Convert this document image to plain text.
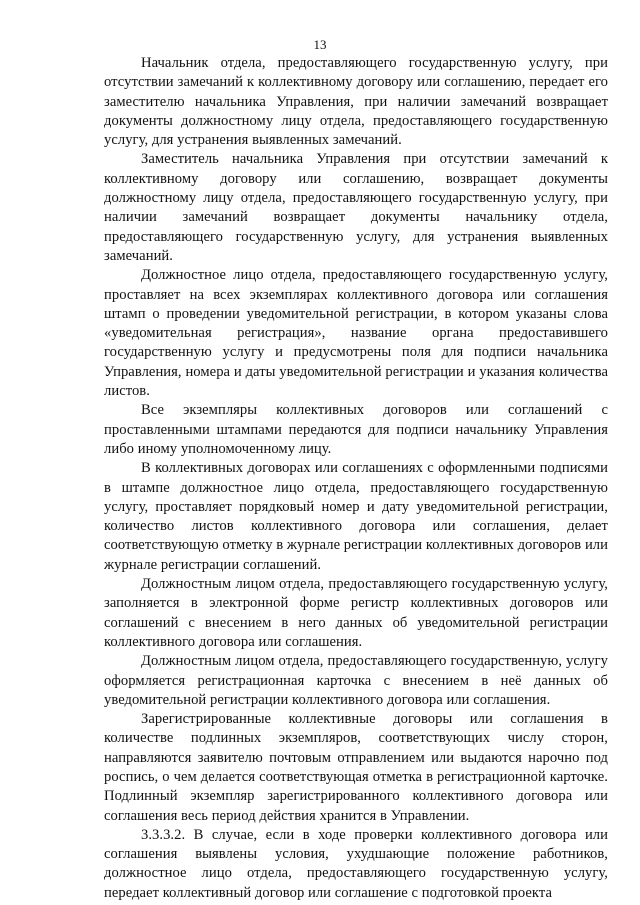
13

Начальник отдела, предоставляющего государственную услугу, при отсутствии замечаний к коллективному договору или соглашению, передает его заместителю начальника Управления, при наличии замечаний возвращает документы должностному лицу отдела, предоставляющего государственную услугу, для устранения выявленных замечаний.

Заместитель начальника Управления при отсутствии замечаний к коллективному договору или соглашению, возвращает документы должностному лицу отдела, предоставляющего государственную услугу, при наличии замечаний возвращает документы начальнику отдела, предоставляющего государственную услугу, для устранения выявленных замечаний.

Должностное лицо отдела, предоставляющего государственную услугу, проставляет на всех экземплярах коллективного договора или соглашения штамп о проведении уведомительной регистрации, в котором указаны слова «уведомительная регистрация», название органа предоставившего государственную услугу и предусмотрены поля для подписи начальника Управления, номера и даты уведомительной регистрации и указания количества листов.

Все экземпляры коллективных договоров или соглашений с проставленными штампами передаются для подписи начальнику Управления либо иному уполномоченному лицу.

В коллективных договорах или соглашениях с оформленными подписями в штампе должностное лицо отдела, предоставляющего государственную услугу, проставляет порядковый номер и дату уведомительной регистрации, количество листов коллективного договора или соглашения, делает соответствующую отметку в журнале регистрации коллективных договоров или журнале регистрации соглашений.

Должностным лицом отдела, предоставляющего государственную услугу, заполняется в электронной форме регистр коллективных договоров или соглашений с внесением в него данных об уведомительной регистрации коллективного договора или соглашения.

Должностным лицом отдела, предоставляющего государственную, услугу оформляется регистрационная карточка с внесением в неё данных об уведомительной регистрации коллективного договора или соглашения.

Зарегистрированные коллективные договоры или соглашения в количестве подлинных экземпляров, соответствующих числу сторон, направляются заявителю почтовым отправлением или выдаются нарочно под роспись, о чем делается соответствующая отметка в регистрационной карточке. Подлинный экземпляр зарегистрированного коллективного договора или соглашения весь период действия хранится в Управлении.

3.3.3.2. В случае, если в ходе проверки коллективного договора или соглашения выявлены условия, ухудшающие положение работников, должностное лицо отдела, предоставляющего государственную услугу, передает коллективный договор или соглашение с подготовкой проекта
